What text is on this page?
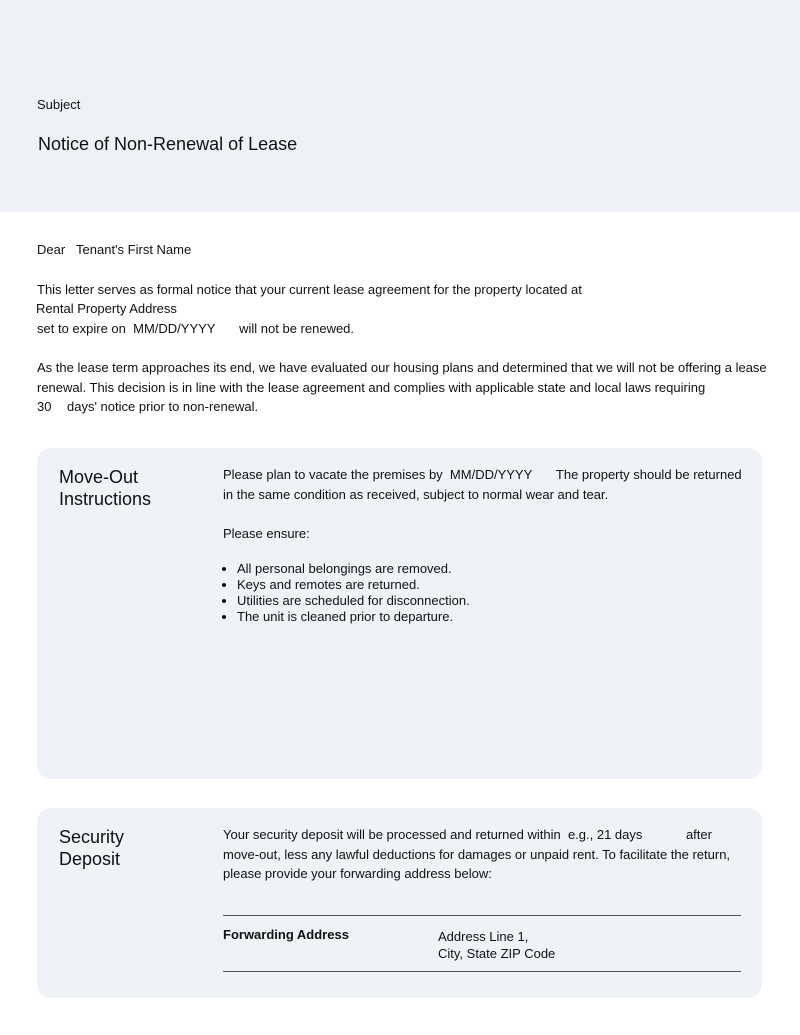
Subject
Notice of Non-Renewal of Lease

Dear Tenant's First Name

This letter serves as formal notice that your current lease agreement for the property located at

Rental Property Address

set to expire on MM/DD/YYYY will not be renewed.

As the lease term approaches its end, we have evaluated our housing plans and determined that we will not be offering a lease renewal. This decision is in line with the lease agreement and complies with applicable state and local laws requiring
30 days' notice prior to non-renewal.

Move-Out
Instructions

Please plan to vacate the premises by MM/DD/YYYY The property should be returned in the same condition as received, subject to normal wear and tear.

Please ensure:

• All personal belongings are removed.
• Keys and remotes are returned.
• Utilities are scheduled for disconnection.
• The unit is cleaned prior to departure.
Security
Deposit

Your security deposit will be processed and returned within e.g., 21 days	after move-out, less any lawful deductions for damages or unpaid rent. To facilitate the return, please provide your forwarding address below:

Forwarding Address	Address Line 1,
City, State ZIP Code
